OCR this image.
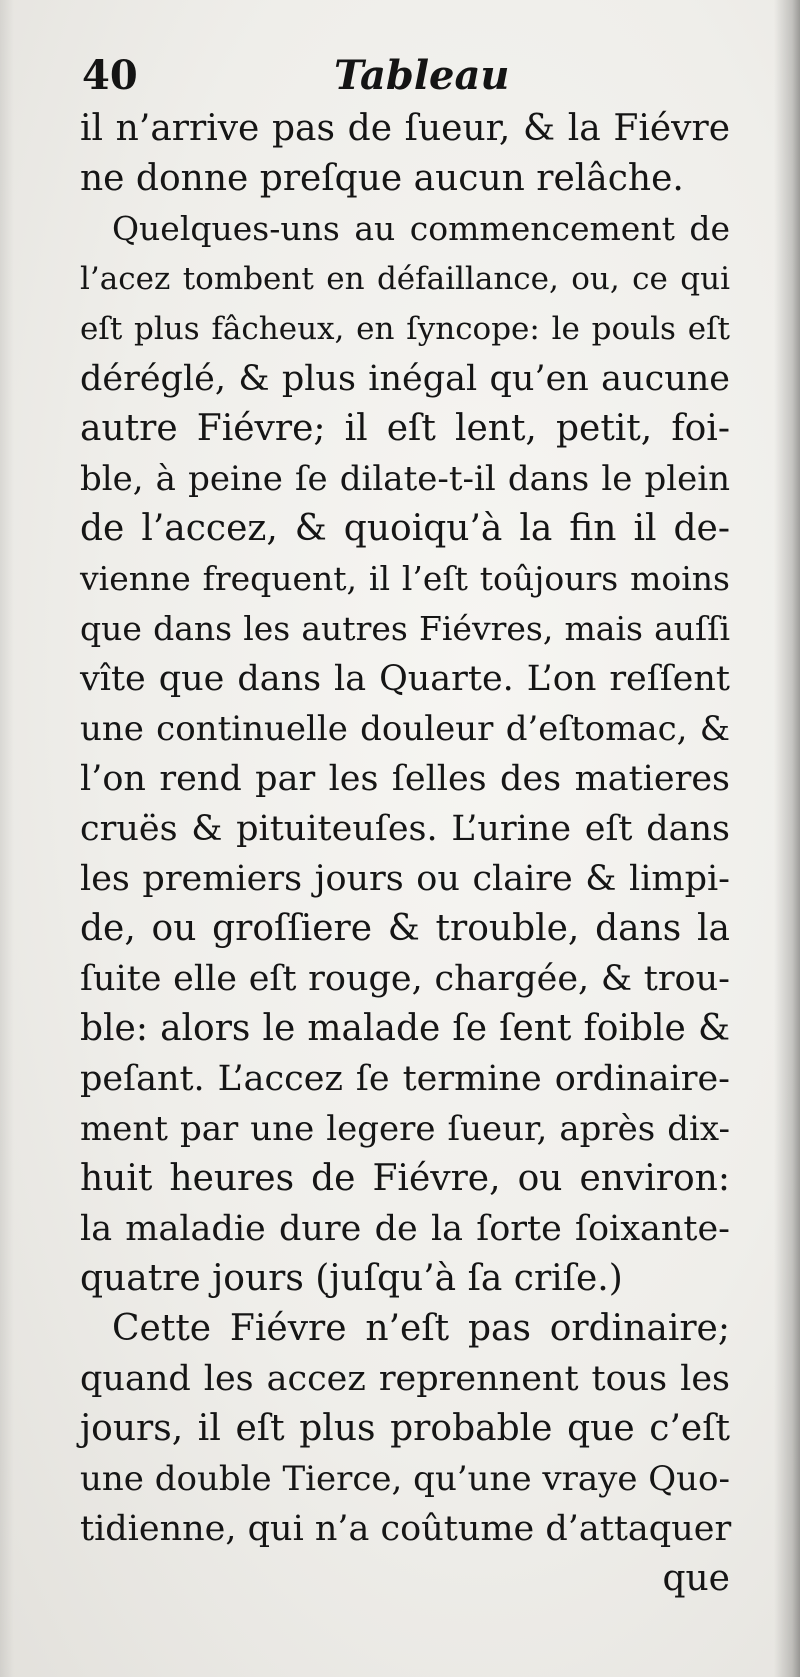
40	Tableau
il n’arrive pas de ſueur, & la Fiévre
ne donne preſque aucun relâche.
Quelques-uns au commencement de
l’acez tombent en défaillance, ou, ce qui
eſt plus fâcheux, en ſyncope: le pouls eſt
déréglé, & plus inégal qu’en aucune
autre Fiévre; il eſt lent, petit, foi-
ble, à peine ſe dilate-t-il dans le plein
de l’accez, & quoiqu’à la fin il de-
vienne frequent, il l’eſt toûjours moins
que dans les autres Fiévres, mais auſſi
vîte que dans la Quarte. L’on reſſent
une continuelle douleur d’eſtomac, &
l’on rend par les ſelles des matieres
cruës & pituiteuſes. L’urine eſt dans
les premiers jours ou claire & limpi-
de, ou groſſiere & trouble, dans la
ſuite elle eſt rouge, chargée, & trou-
ble: alors le malade ſe ſent foible &
peſant. L’accez ſe termine ordinaire-
ment par une legere ſueur, après dix-
huit heures de Fiévre, ou environ:
la maladie dure de la ſorte ſoixante-
quatre jours (juſqu’à ſa criſe.)
Cette Fiévre n’eſt pas ordinaire;
quand les accez reprennent tous les
jours, il eſt plus probable que c’eſt
une double Tierce, qu’une vraye Quo-
tidienne, qui n’a coûtume d’attaquer
que
